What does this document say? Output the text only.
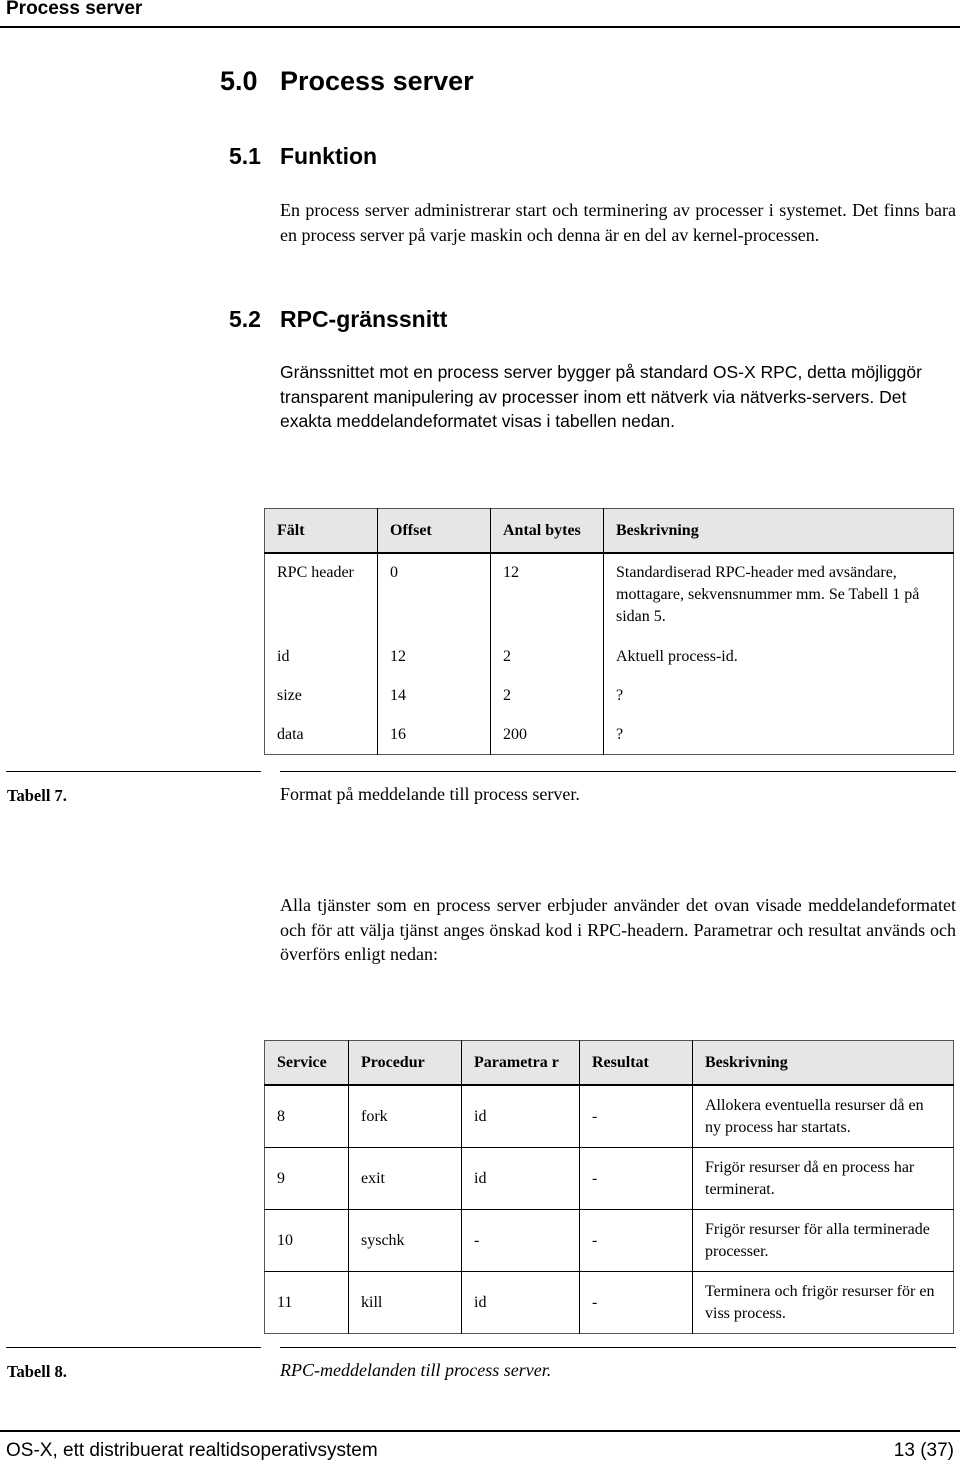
Process server
5.0 Process server
5.1 Funktion
En process server administrerar start och terminering av processer i systemet. Det finns bara en process server på varje maskin och denna är en del av kernel-processen.
5.2 RPC-gränssnitt
Gränssnittet mot en process server bygger på standard OS-X RPC, detta möjliggör transparent manipulering av processer inom ett nätverk via nätverks-servers. Det exakta meddelandeformatet visas i tabellen nedan.
Fält	Offset	Antal bytes	Beskrivning
RPC header	0	12	Standardiserad RPC-header med avsändare, mottagare, sekvensnummer mm. Se Tabell 1 på sidan 5.
id	12	2	Aktuell process-id.
size	14	2	?
data	16	200	?
Tabell 7.	Format på meddelande till process server.
Alla tjänster som en process server erbjuder använder det ovan visade meddelandeformatet och för att välja tjänst anges önskad kod i RPC-headern. Parametrar och resultat används och överförs enligt nedan:
Service	Procedur	Parametra r	Resultat	Beskrivning
8	fork	id	-	Allokera eventuella resurser då en ny process har startats.
9	exit	id	-	Frigör resurser då en process har terminerat.
10	syschk	-	-	Frigör resurser för alla terminerade processer.
11	kill	id	-	Terminera och frigör resurser för en viss process.
Tabell 8.	RPC-meddelanden till process server.
OS-X, ett distribuerat realtidsoperativsystem	13 (37)
